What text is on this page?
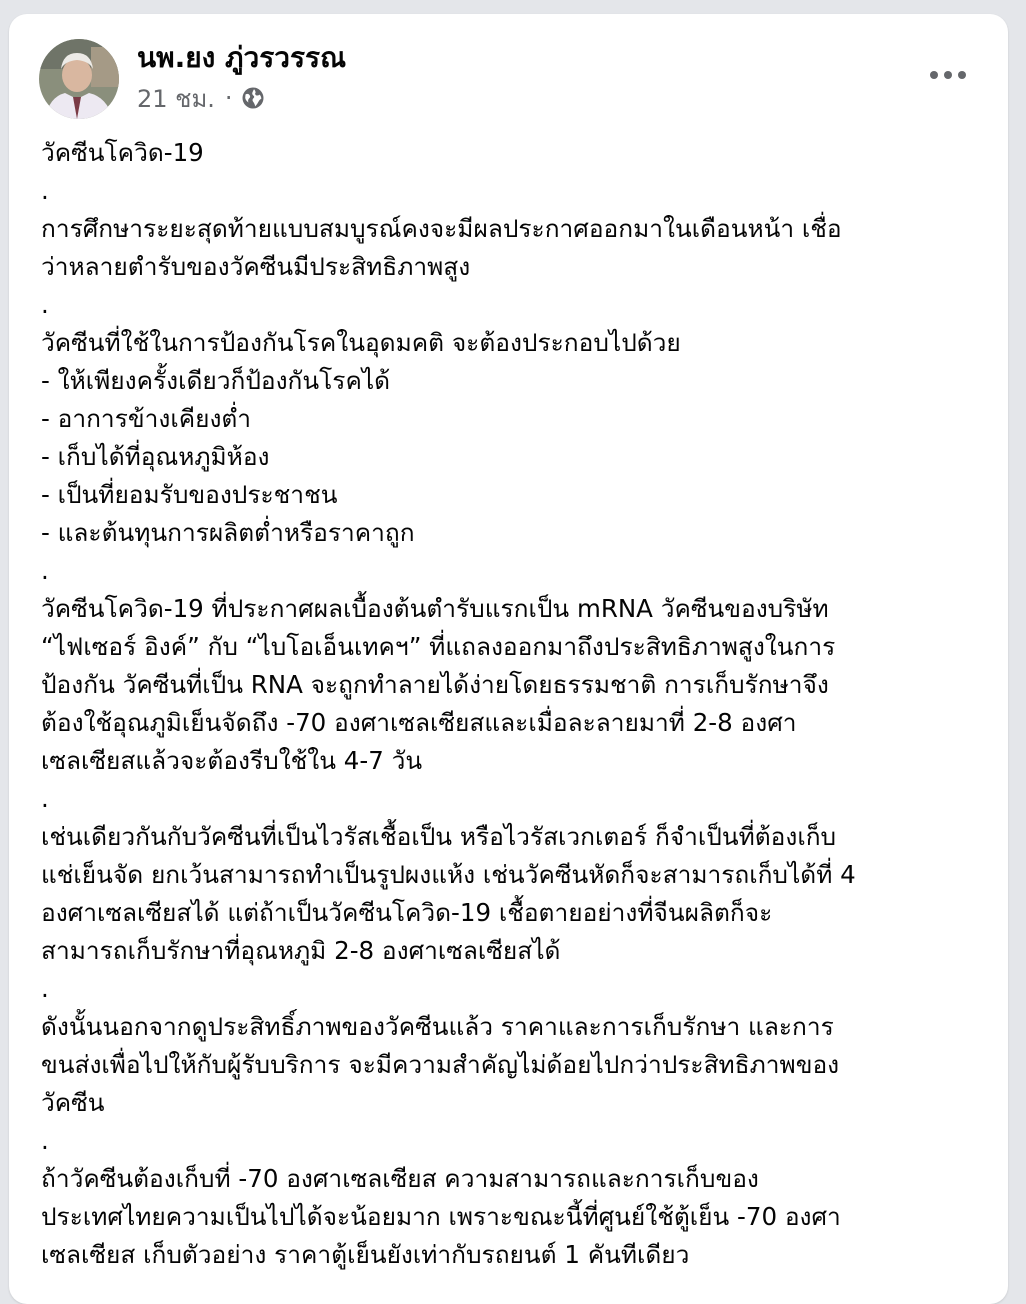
นพ.ยง ภู่วรวรรณ
21 ชม. ·
วัคซีนโควิด-19
.
การศึกษาระยะสุดท้ายแบบสมบูรณ์คงจะมีผลประกาศออกมาในเดือนหน้า เชื่อ
ว่าหลายตำรับของวัคซีนมีประสิทธิภาพสูง
.
วัคซีนที่ใช้ในการป้องกันโรคในอุดมคติ จะต้องประกอบไปด้วย
- ให้เพียงครั้งเดียวก็ป้องกันโรคได้
- อาการข้างเคียงต่ำ
- เก็บได้ที่อุณหภูมิห้อง
- เป็นที่ยอมรับของประชาชน
- และต้นทุนการผลิตต่ำหรือราคาถูก
.
วัคซีนโควิด-19 ที่ประกาศผลเบื้องต้นตำรับแรกเป็น mRNA วัคซีนของบริษัท
“ไฟเซอร์ อิงค์” กับ “ไบโอเอ็นเทคฯ” ที่แถลงออกมาถึงประสิทธิภาพสูงในการ
ป้องกัน วัคซีนที่เป็น RNA จะถูกทำลายได้ง่ายโดยธรรมชาติ การเก็บรักษาจึง
ต้องใช้อุณภูมิเย็นจัดถึง -70 องศาเซลเซียสและเมื่อละลายมาที่ 2-8 องศา
เซลเซียสแล้วจะต้องรีบใช้ใน 4-7 วัน
.
เช่นเดียวกันกับวัคซีนที่เป็นไวรัสเชื้อเป็น หรือไวรัสเวกเตอร์ ก็จำเป็นที่ต้องเก็บ
แช่เย็นจัด ยกเว้นสามารถทำเป็นรูปผงแห้ง เช่นวัคซีนหัดก็จะสามารถเก็บได้ที่ 4
องศาเซลเซียสได้ แต่ถ้าเป็นวัคซีนโควิด-19 เชื้อตายอย่างที่จีนผลิตก็จะ
สามารถเก็บรักษาที่อุณหภูมิ 2-8 องศาเซลเซียสได้
.
ดังนั้นนอกจากดูประสิทธิ์ภาพของวัคซีนแล้ว ราคาและการเก็บรักษา และการ
ขนส่งเพื่อไปให้กับผู้รับบริการ จะมีความสำคัญไม่ด้อยไปกว่าประสิทธิภาพของ
วัคซีน
.
ถ้าวัคซีนต้องเก็บที่ -70 องศาเซลเซียส ความสามารถและการเก็บของ
ประเทศไทยความเป็นไปได้จะน้อยมาก เพราะขณะนี้ที่ศูนย์ใช้ตู้เย็น -70 องศา
เซลเซียส เก็บตัวอย่าง ราคาตู้เย็นยังเท่ากับรถยนต์ 1 คันทีเดียว
